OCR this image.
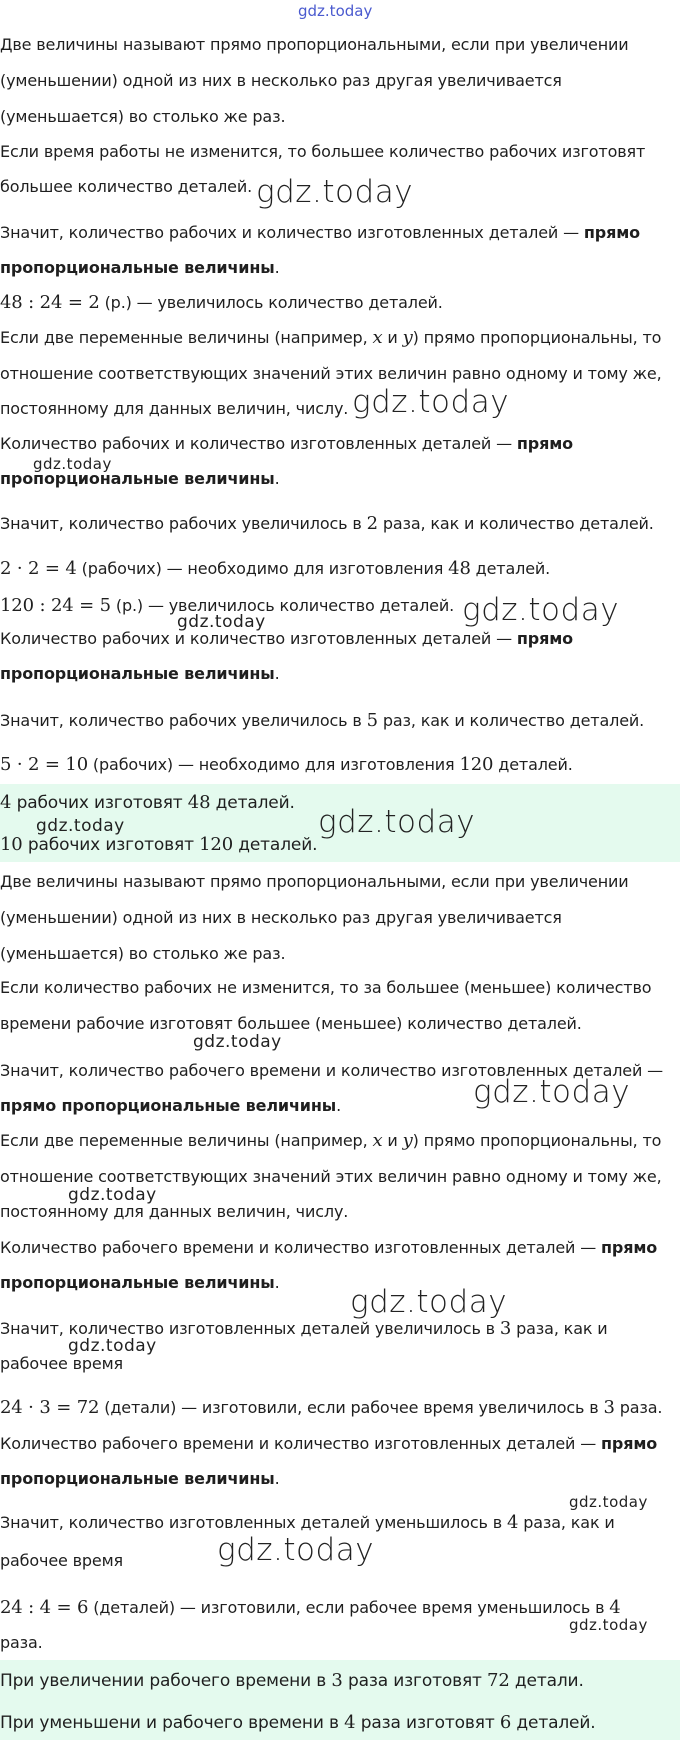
gdz.today
Две величины называют прямо пропорциональными, если при увеличении
(уменьшении) одной из них в несколько раз другая увеличивается
(уменьшается) во столько же раз.
Если время работы не изменится, то большее количество рабочих изготовят
большее количество деталей.
Значит, количество рабочих и количество изготовленных деталей — прямо
пропорциональные величины.
48 : 24 = 2 (р.) — увеличилось количество деталей.
Если две переменные величины (например, x и y) прямо пропорциональны, то
отношение соответствующих значений этих величин равно одному и тому же,
постоянному для данных величин, числу.
Количество рабочих и количество изготовленных деталей — прямо
пропорциональные величины.
Значит, количество рабочих увеличилось в 2 раза, как и количество деталей.
2 · 2 = 4 (рабочих) — необходимо для изготовления 48 деталей.
120 : 24 = 5 (р.) — увеличилось количество деталей.
Количество рабочих и количество изготовленных деталей — прямо
пропорциональные величины.
Значит, количество рабочих увеличилось в 5 раз, как и количество деталей.
5 · 2 = 10 (рабочих) — необходимо для изготовления 120 деталей.
4 рабочих изготовят 48 деталей.
10 рабочих изготовят 120 деталей.
Две величины называют прямо пропорциональными, если при увеличении
(уменьшении) одной из них в несколько раз другая увеличивается
(уменьшается) во столько же раз.
Если количество рабочих не изменится, то за большее (меньшее) количество
времени рабочие изготовят большее (меньшее) количество деталей.
Значит, количество рабочего времени и количество изготовленных деталей —
прямо пропорциональные величины.
Если две переменные величины (например, x и y) прямо пропорциональны, то
отношение соответствующих значений этих величин равно одному и тому же,
постоянному для данных величин, числу.
Количество рабочего времени и количество изготовленных деталей — прямо
пропорциональные величины.
Значит, количество изготовленных деталей увеличилось в 3 раза, как и
рабочее время
24 · 3 = 72 (детали) — изготовили, если рабочее время увеличилось в 3 раза.
Количество рабочего времени и количество изготовленных деталей — прямо
пропорциональные величины.
Значит, количество изготовленных деталей уменьшилось в 4 раза, как и
рабочее время
24 : 4 = 6 (деталей) — изготовили, если рабочее время уменьшилось в 4
раза.
При увеличении рабочего времени в 3 раза изготовят 72 детали.
При уменьшени и рабочего времени в 4 раза изготовят 6 деталей.
gdz.today
gdz.today
gdz.today
gdz.today
gdz.today
gdz.today	gdz.today
gdz.today
gdz.today
gdz.today
gdz.today
gdz.today
gdz.today
gdz.today
gdz.today
